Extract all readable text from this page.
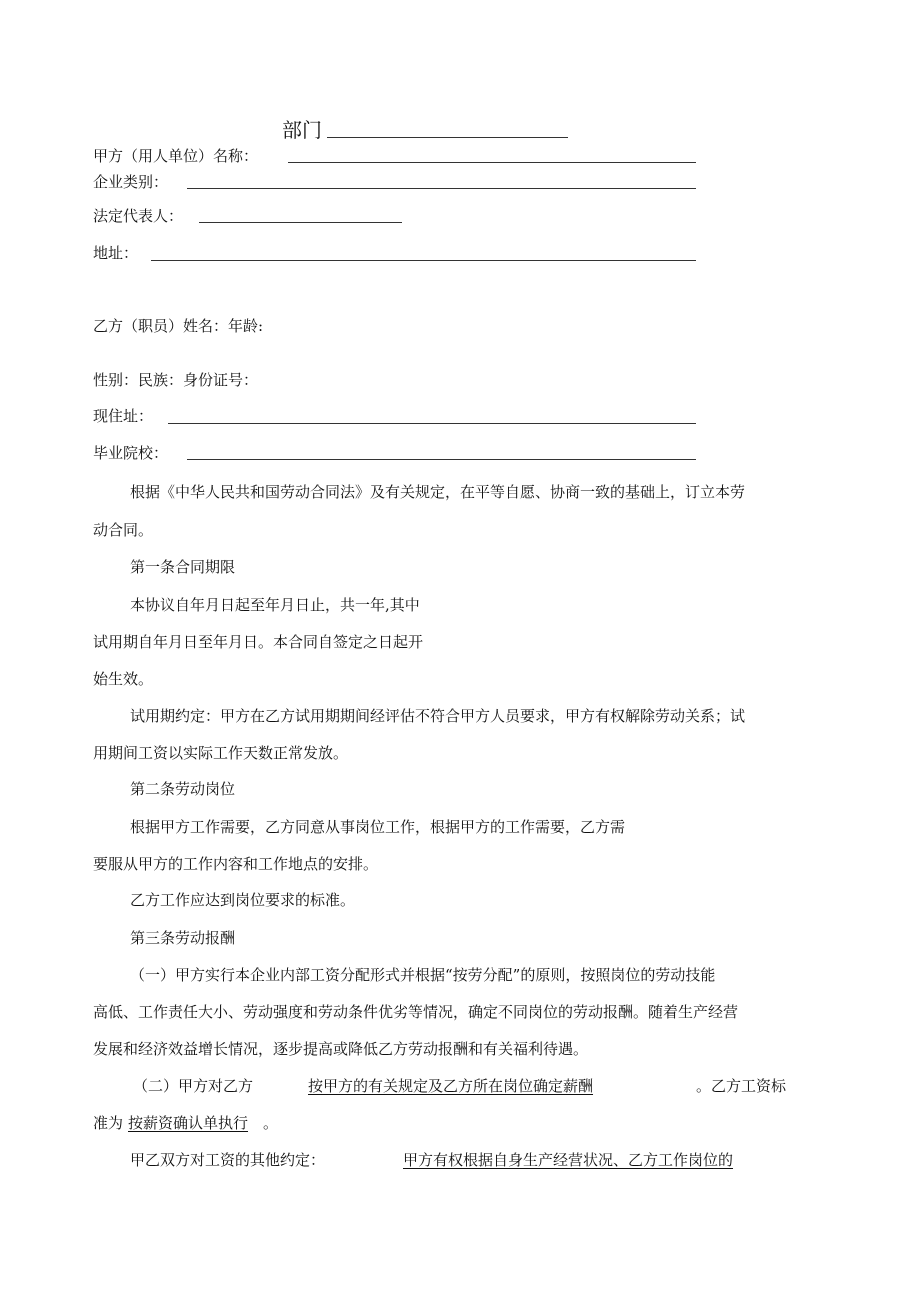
部门
甲方（用人单位）名称：
企业类别：
法定代表人：
地址：
乙方（职员）姓名：年龄:
性别：民族：身份证号：
现住址：
毕业院校：
根据《中华人民共和国劳动合同法》及有关规定，在平等自愿、协商一致的基础上，订立本劳
动合同。
第一条合同期限
本协议自年月日起至年月日止，共一年,其中
试用期自年月日至年月日。本合同自签定之日起开
始生效。
试用期约定：甲方在乙方试用期期间经评估不符合甲方人员要求，甲方有权解除劳动关系；试
用期间工资以实际工作天数正常发放。
第二条劳动岗位
根据甲方工作需要，乙方同意从事岗位工作，根据甲方的工作需要，乙方需
要服从甲方的工作内容和工作地点的安排。
乙方工作应达到岗位要求的标准。
第三条劳动报酬
（一）甲方实行本企业内部工资分配形式并根据“按劳分配”的原则，按照岗位的劳动技能
高低、工作责任大小、劳动强度和劳动条件优劣等情况，确定不同岗位的劳动报酬。随着生产经营
发展和经济效益增长情况，逐步提高或降低乙方劳动报酬和有关福利待遇。
（二）甲方对乙方	按甲方的有关规定及乙方所在岗位确定薪酬	。乙方工资标
准为 按薪资确认单执行 。
甲乙双方对工资的其他约定：	甲方有权根据自身生产经营状况、乙方工作岗位的
